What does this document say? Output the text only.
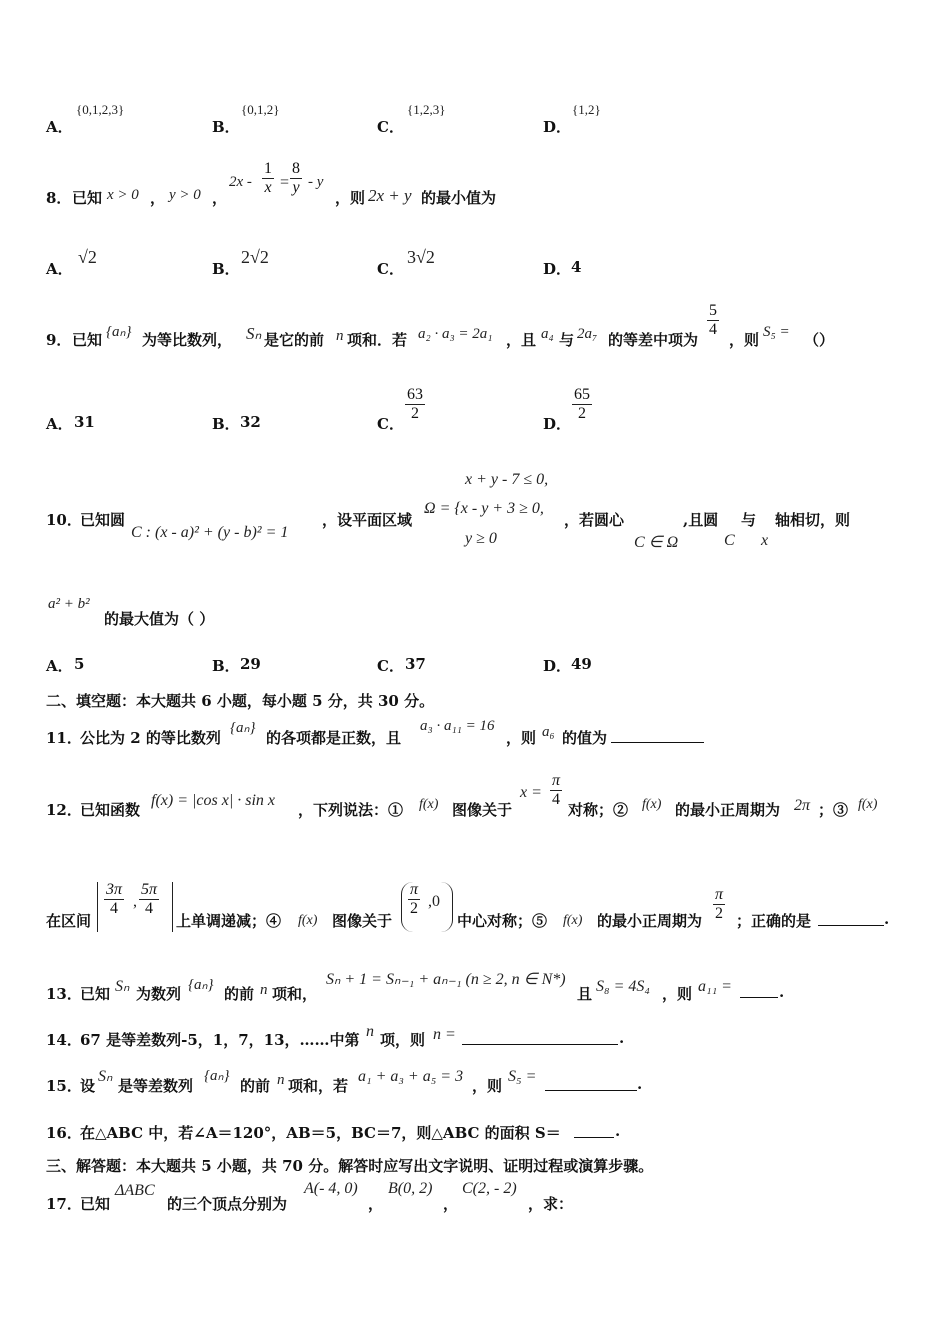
A．
{0,1,2,3}
B．
{0,1,2}
C．
{1,2,3}
D．
{1,2}
8． 已知 x > 0 ， y > 0 ，
$2x - \frac{1}{x} = \frac{8}{y} - y$
，则 2x + y 的最小值为
A．
√2
B．
2√2
C．
3√2
D． 4
9． 已知 {aₙ} 为等比数列， Sₙ 是它的前 n 项和．若 a₂ · a₃ = 2a₁ ，且 a₄ 与 2a₇ 的等差中项为
$\frac{5}{4}$
，则 S₅ = （）
A． 31	B． 32	C．
$\frac{63}{2}$
D．
$\frac{65}{2}$
10．
已知圆
C : (x - a)² + (y - b)² = 1
，设平面区域
x + y - 7 ≤ 0,
Ω = {x - y + 3 ≥ 0,
y ≥ 0
，若圆心	,且圆 与 轴相切，则
C ∈ Ω	C x
a² + b²
的最大值为（ ）
A． 5	B． 29	C． 37	D． 49
二、填空题：本大题共 6 小题，每小题 5 分，共 30 分。
11．
公比为 2 的等比数列
{aₙ}
的各项都是正数，且
a₃ · a₁₁ = 16
，则 a₆ 的值为
12．
已知函数
f(x) = |cos x| · sin x
，下列说法：① f(x) 图像关于
$x = \frac{\pi}{4}$
对称；② f(x) 的最小正周期为 2π ；③ f(x)
在区间
$\frac{3\pi}{4}$ , $\frac{5\pi}{4}$
上单调递减；④ f(x) 图像关于
$\frac{\pi}{2} ,0$
中心对称；⑤ f(x) 的最小正周期为 $\frac{\pi}{2}$ ；正确的是	.
13．
已知 Sₙ 为数列 {aₙ} 的前 n 项和，
Sₙ + 1 = Sₙ₋₁ + aₙ₋₁ (n ≥ 2, n ∈ N*)
且 S₈ = 4S₄ ，则 a₁₁ =	.
14．
67 是等差数列-5，1，7，13，……中第 n 项，则 n =	.
15．
设
Sₙ
是等差数列
{aₙ}
的前 n 项和，若
a₁ + a₃ + a₅ = 3
，则
S₅ =	.
16．
在△ABC 中，若∠A＝120°，AB＝5，BC＝7，则△ABC 的面积 S＝	.
三、解答题：本大题共 5 小题，共 70 分。解答时应写出文字说明、证明过程或演算步骤。
17．
已知
ΔABC
的三个顶点分别为
A(- 4, 0)
，
B(0, 2)
，
C(2, - 2)
，求：
